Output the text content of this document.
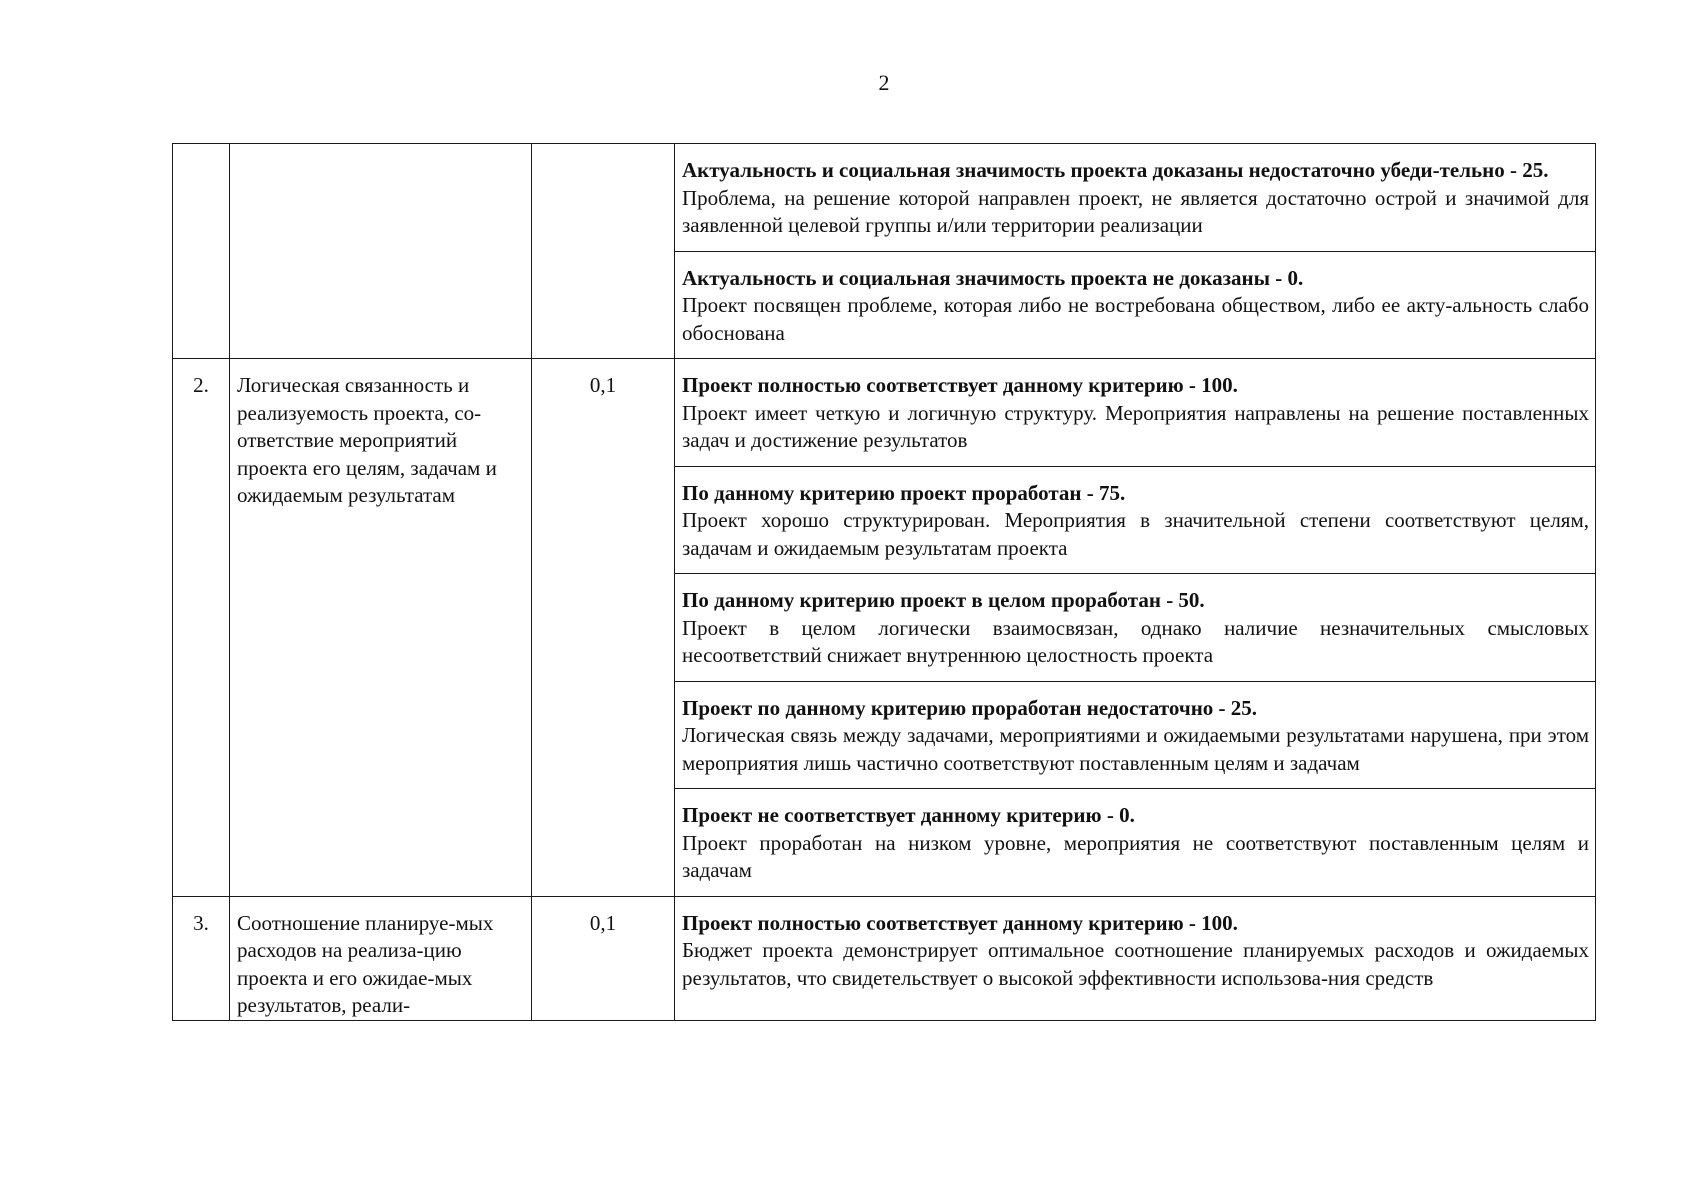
2

			Актуальность и социальная значимость проекта доказаны недостаточно убеди-тельно - 25.
Проблема, на решение которой направлен проект, не является достаточно острой и значимой для заявленной целевой группы и/или территории реализации

			Актуальность и социальная значимость проекта не доказаны - 0.
Проект посвящен проблеме, которая либо не востребована обществом, либо ее акту-альность слабо обоснована

2.	Логическая связанность и реализуемость проекта, со-ответствие мероприятий проекта его целям, задачам и ожидаемым результатам	0,1	Проект полностью соответствует данному критерию - 100.
Проект имеет четкую и логичную структуру. Мероприятия направлены на решение поставленных задач и достижение результатов

			По данному критерию проект проработан - 75.
Проект хорошо структурирован. Мероприятия в значительной степени соответствуют целям, задачам и ожидаемым результатам проекта

			По данному критерию проект в целом проработан - 50.
Проект в целом логически взаимосвязан, однако наличие незначительных смысловых несоответствий снижает внутреннюю целостность проекта

			Проект по данному критерию проработан недостаточно - 25.
Логическая связь между задачами, мероприятиями и ожидаемыми результатами нарушена, при этом мероприятия лишь частично соответствуют поставленным целям и задачам

			Проект не соответствует данному критерию - 0.
Проект проработан на низком уровне, мероприятия не соответствуют поставленным целям и задачам

3.	Соотношение планируе-мых расходов на реализа-цию проекта и его ожидае-мых результатов, реали-	0,1	Проект полностью соответствует данному критерию - 100.
Бюджет проекта демонстрирует оптимальное соотношение планируемых расходов и ожидаемых результатов, что свидетельствует о высокой эффективности использова-ния средств
